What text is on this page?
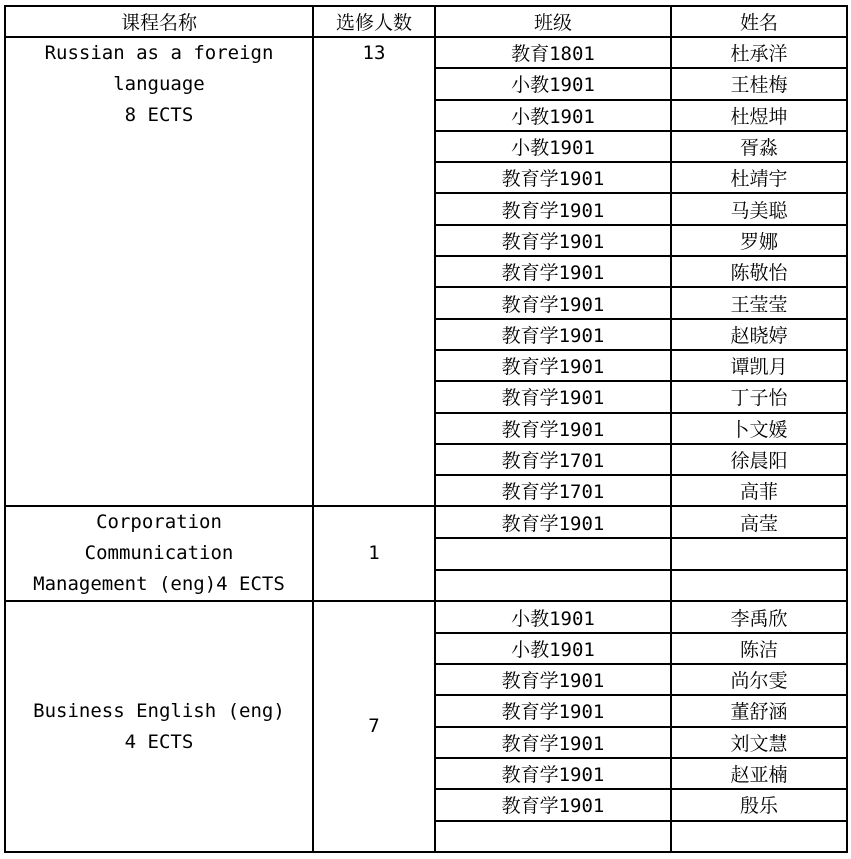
课程名称	选修人数	班级	姓名

Russian as a foreign
language
8 ECTS	13	教育1801	杜承洋
		小教1901	王桂梅
		小教1901	杜煜坤
		小教1901	胥淼
		教育学1901	杜靖宇
		教育学1901	马美聪
		教育学1901	罗娜
		教育学1901	陈敬怡
		教育学1901	王莹莹
		教育学1901	赵晓婷
		教育学1901	谭凯月
		教育学1901	丁子怡
		教育学1901	卜文媛
		教育学1701	徐晨阳
		教育学1701	高菲

Corporation
Communication
Management (eng)4 ECTS	1	教育学1901	高莹

Business English (eng)
4 ECTS	7	小教1901	李禹欣
		小教1901	陈洁
		教育学1901	尚尔雯
		教育学1901	董舒涵
		教育学1901	刘文慧
		教育学1901	赵亚楠
		教育学1901	殷乐
